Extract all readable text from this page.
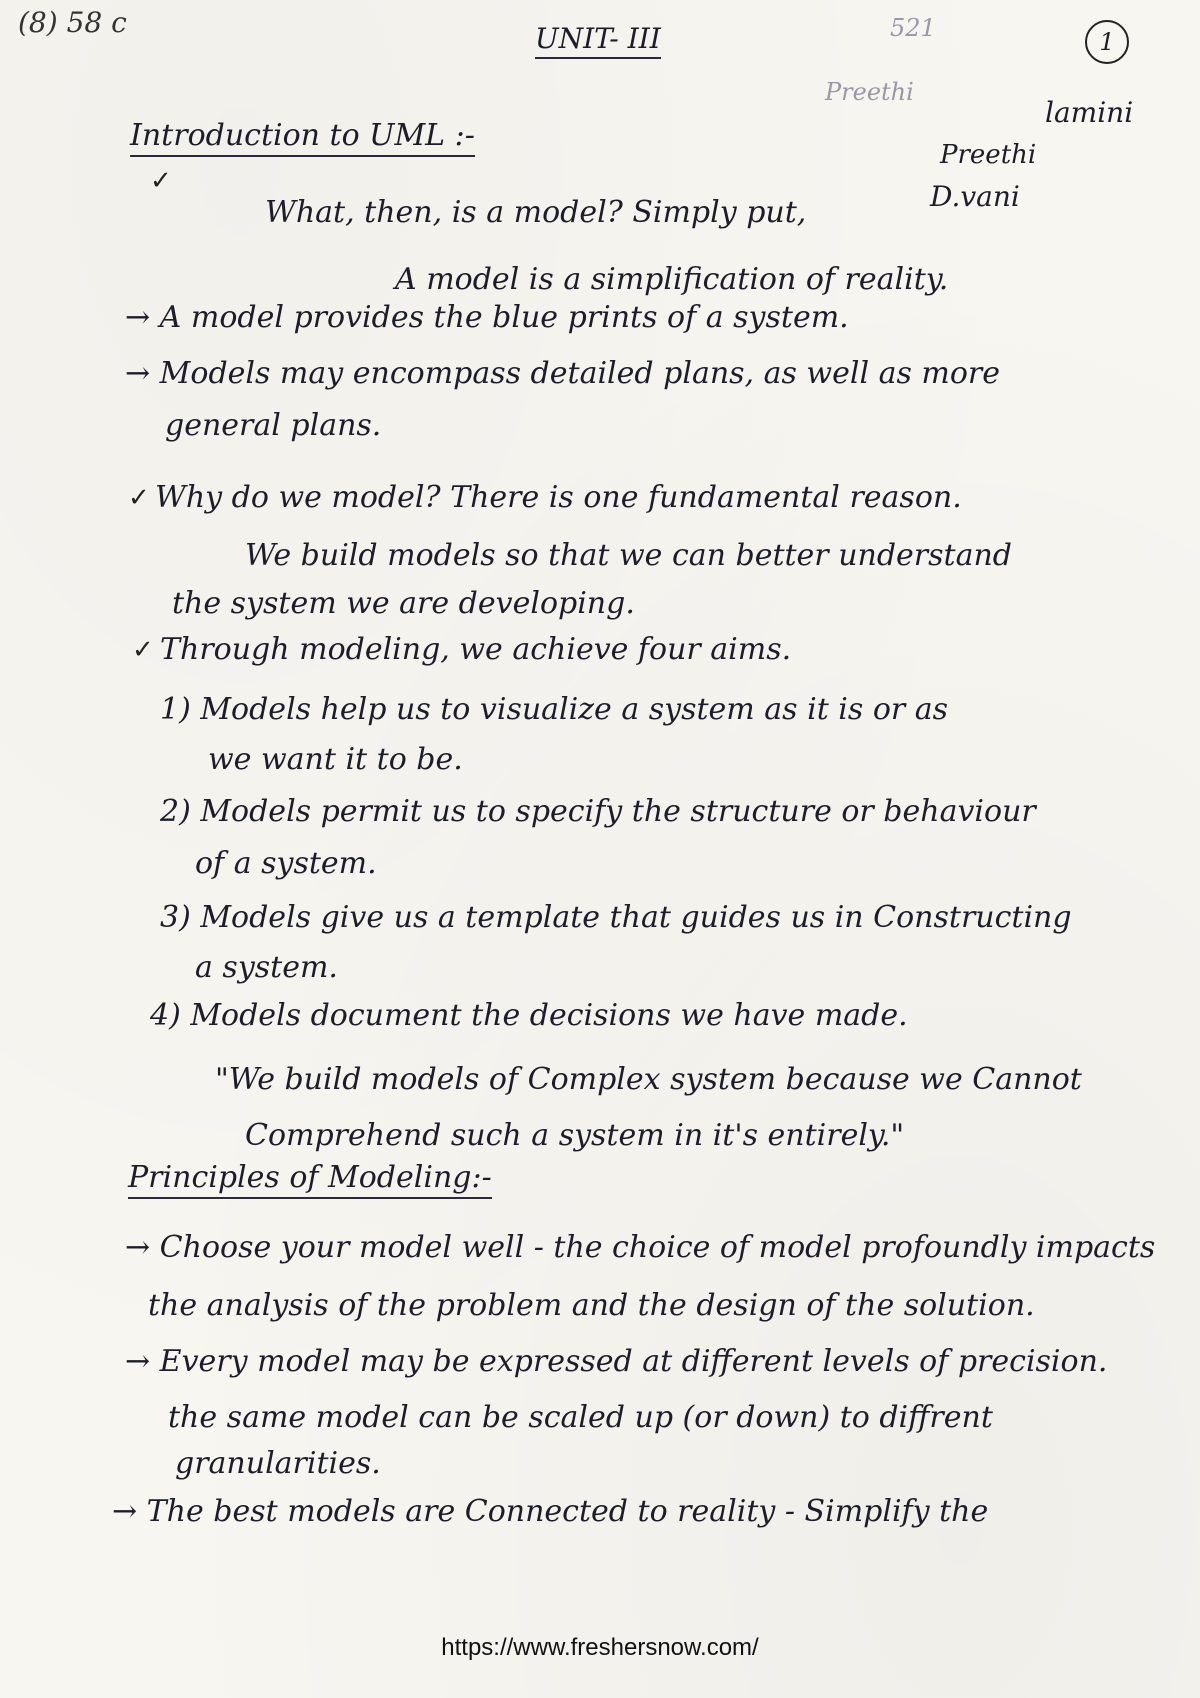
(8) 58 c	UNIT- III	521	1
Preethi
lamini
Preethi
D.vani
Introduction to UML :-
✓
What, then, is a model? Simply put,
A model is a simplification of reality.
→ A model provides the blue prints of a system.
→ Models may encompass detailed plans, as well as more
general plans.
✓ Why do we model? There is one fundamental reason.
We build models so that we can better understand
the system we are developing.
✓ Through modeling, we achieve four aims.
1) Models help us to visualize a system as it is or as
we want it to be.
2) Models permit us to specify the structure or behaviour
of a system.
3) Models give us a template that guides us in Constructing
a system.
4) Models document the decisions we have made.
"We build models of Complex system because we Cannot
Comprehend such a system in it's entirely."
Principles of Modeling:-
→ Choose your model well - the choice of model profoundly impacts
the analysis of the problem and the design of the solution.
→ Every model may be expressed at different levels of precision.
the same model can be scaled up (or down) to diffrent
granularities.
→ The best models are Connected to reality - Simplify the
https://www.freshersnow.com/
